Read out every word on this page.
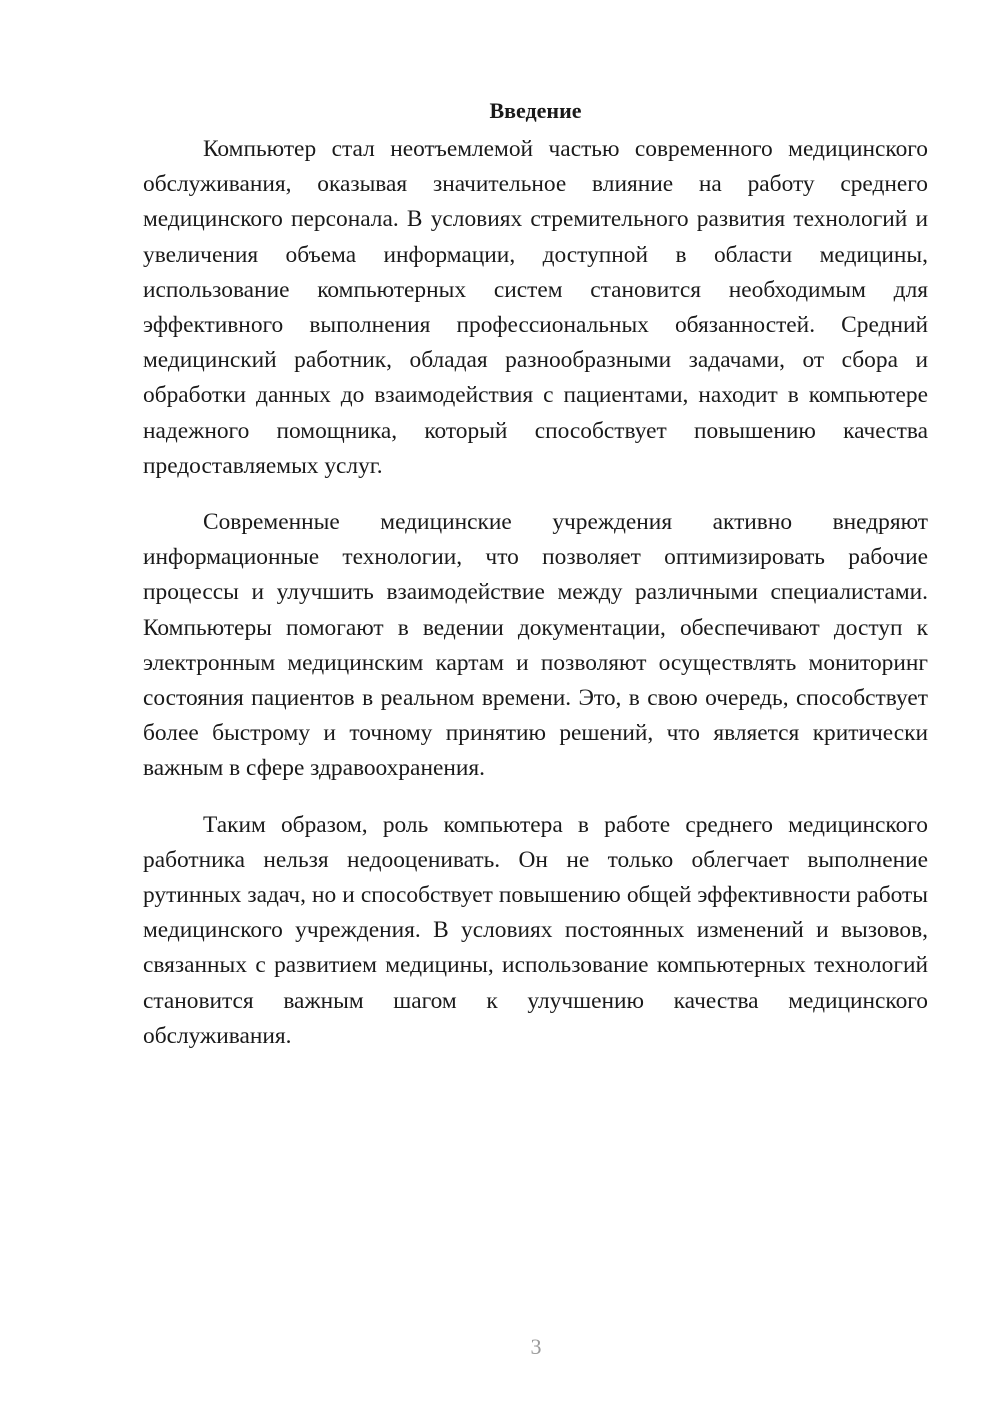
Введение

Компьютер стал неотъемлемой частью современного медицинского обслуживания, оказывая значительное влияние на работу среднего медицинского персонала. В условиях стремительного развития технологий и увеличения объема информации, доступной в области медицины, использование компьютерных систем становится необходимым для эффективного выполнения профессиональных обязанностей. Средний медицинский работник, обладая разнообразными задачами, от сбора и обработки данных до взаимодействия с пациентами, находит в компьютере надежного помощника, который способствует повышению качества предоставляемых услуг.

Современные медицинские учреждения активно внедряют информационные технологии, что позволяет оптимизировать рабочие процессы и улучшить взаимодействие между различными специалистами. Компьютеры помогают в ведении документации, обеспечивают доступ к электронным медицинским картам и позволяют осуществлять мониторинг состояния пациентов в реальном времени. Это, в свою очередь, способствует более быстрому и точному принятию решений, что является критически важным в сфере здравоохранения.

Таким образом, роль компьютера в работе среднего медицинского работника нельзя недооценивать. Он не только облегчает выполнение рутинных задач, но и способствует повышению общей эффективности работы медицинского учреждения. В условиях постоянных изменений и вызовов, связанных с развитием медицины, использование компьютерных технологий становится важным шагом к улучшению качества медицинского обслуживания.

3
